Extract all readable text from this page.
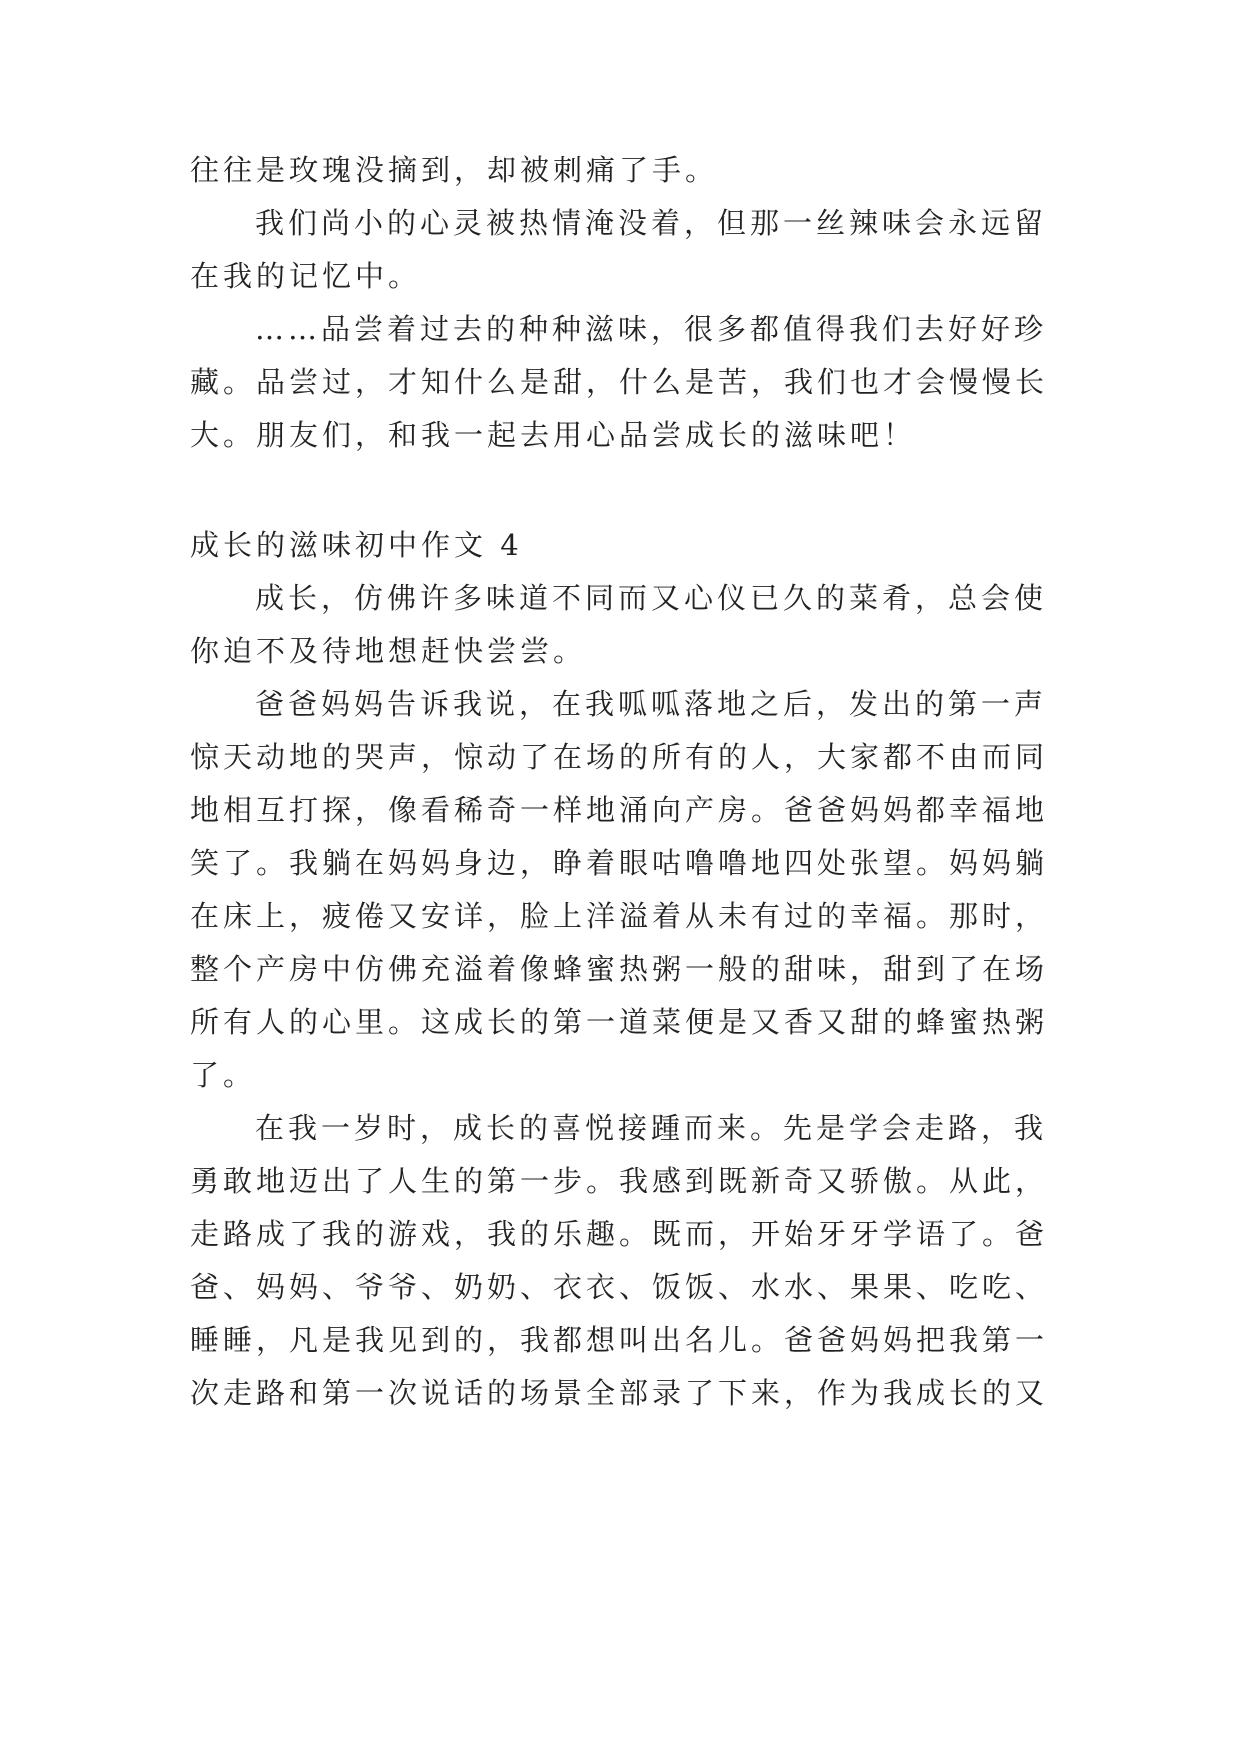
往往是玫瑰没摘到，却被刺痛了手。
我们尚小的心灵被热情淹没着，但那一丝辣味会永远留
在我的记忆中。
……品尝着过去的种种滋味，很多都值得我们去好好珍
藏。品尝过，才知什么是甜，什么是苦，我们也才会慢慢长
大。朋友们，和我一起去用心品尝成长的滋味吧！
成长的滋味初中作文 4
成长，仿佛许多味道不同而又心仪已久的菜肴，总会使
你迫不及待地想赶快尝尝。
爸爸妈妈告诉我说，在我呱呱落地之后，发出的第一声
惊天动地的哭声，惊动了在场的所有的人，大家都不由而同
地相互打探，像看稀奇一样地涌向产房。爸爸妈妈都幸福地
笑了。我躺在妈妈身边，睁着眼咕噜噜地四处张望。妈妈躺
在床上，疲倦又安详，脸上洋溢着从未有过的幸福。那时，
整个产房中仿佛充溢着像蜂蜜热粥一般的甜味，甜到了在场
所有人的心里。这成长的第一道菜便是又香又甜的蜂蜜热粥
了。
在我一岁时，成长的喜悦接踵而来。先是学会走路，我
勇敢地迈出了人生的第一步。我感到既新奇又骄傲。从此，
走路成了我的游戏，我的乐趣。既而，开始牙牙学语了。爸
爸、妈妈、爷爷、奶奶、衣衣、饭饭、水水、果果、吃吃、
睡睡，凡是我见到的，我都想叫出名儿。爸爸妈妈把我第一
次走路和第一次说话的场景全部录了下来，作为我成长的又
